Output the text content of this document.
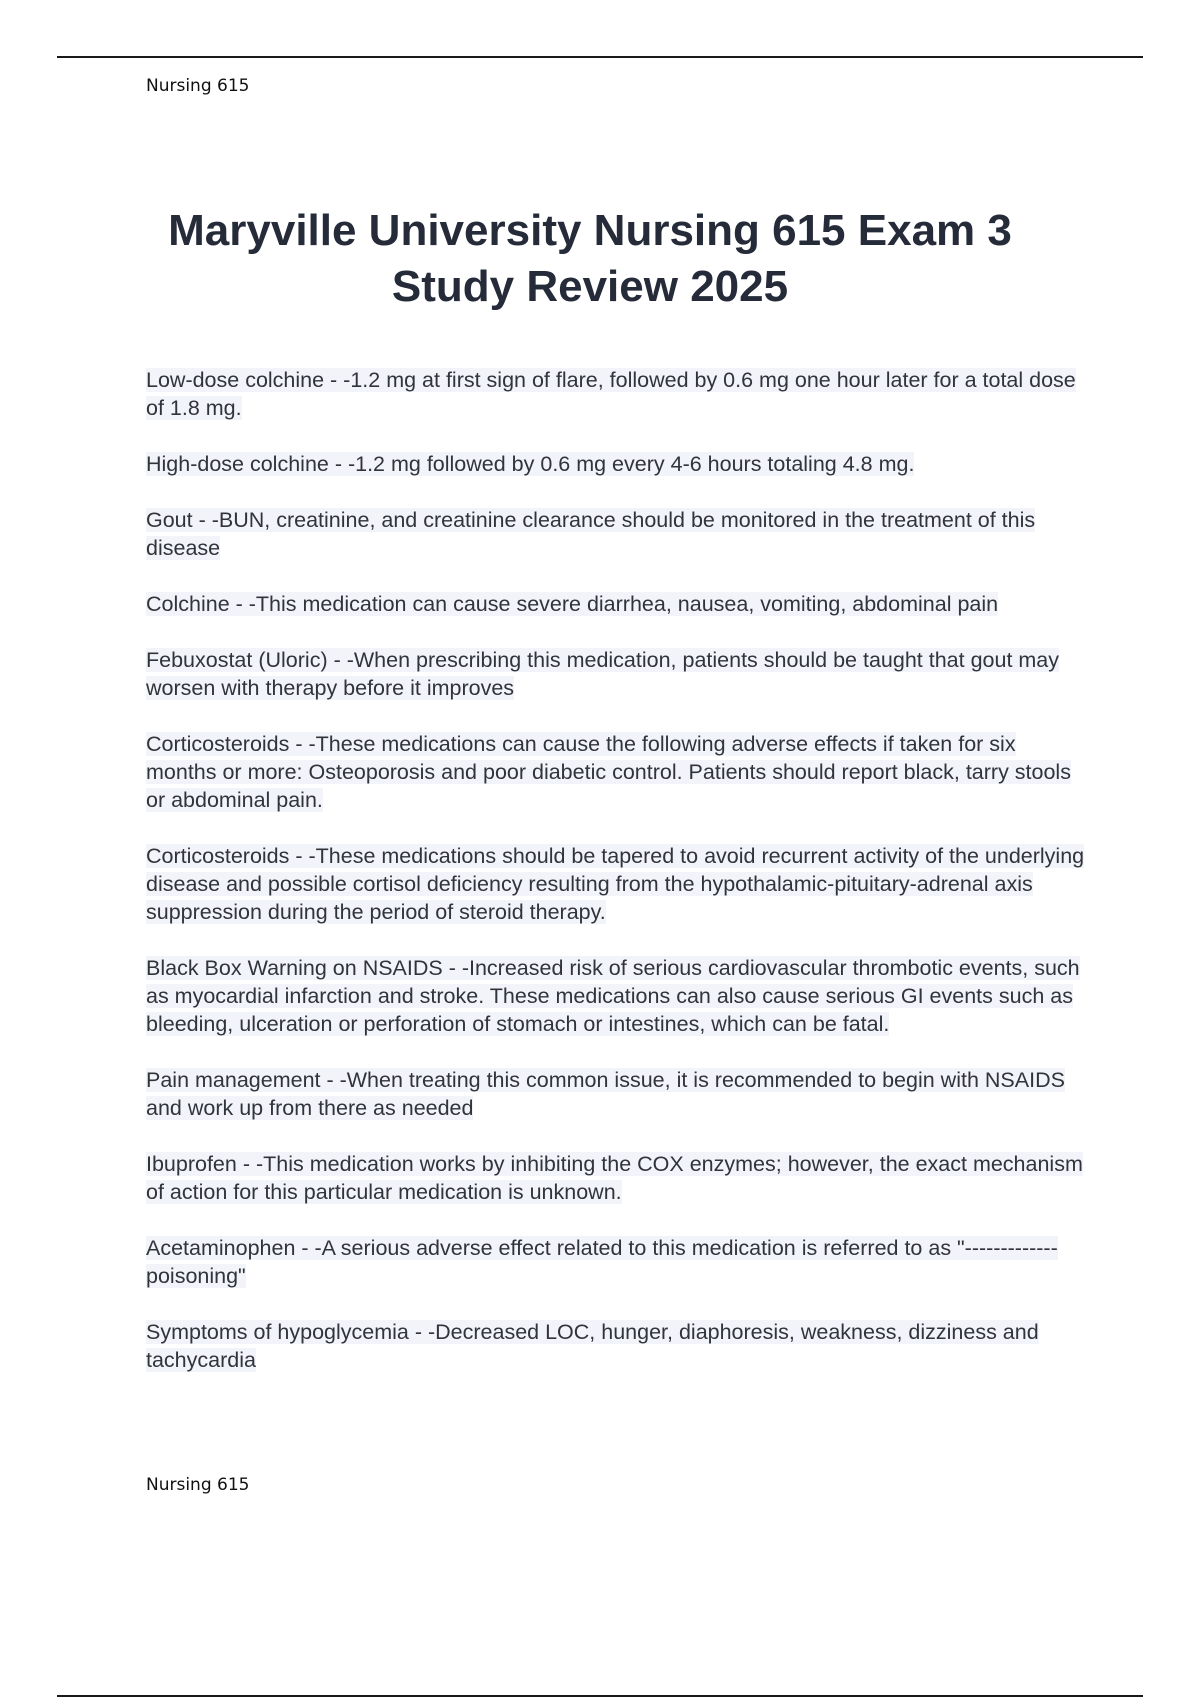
Nursing 615
Maryville University Nursing 615 Exam 3 Study Review 2025

Low-dose colchine - -1.2 mg at first sign of flare, followed by 0.6 mg one hour later for a total dose of 1.8 mg.

High-dose colchine - -1.2 mg followed by 0.6 mg every 4-6 hours totaling 4.8 mg.

Gout - -BUN, creatinine, and creatinine clearance should be monitored in the treatment of this disease

Colchine - -This medication can cause severe diarrhea, nausea, vomiting, abdominal pain

Febuxostat (Uloric) - -When prescribing this medication, patients should be taught that gout may worsen with therapy before it improves

Corticosteroids - -These medications can cause the following adverse effects if taken for six months or more: Osteoporosis and poor diabetic control. Patients should report black, tarry stools or abdominal pain.

Corticosteroids - -These medications should be tapered to avoid recurrent activity of the underlying disease and possible cortisol deficiency resulting from the hypothalamic-pituitary-adrenal axis suppression during the period of steroid therapy.

Black Box Warning on NSAIDS - -Increased risk of serious cardiovascular thrombotic events, such as myocardial infarction and stroke. These medications can also cause serious GI events such as bleeding, ulceration or perforation of stomach or intestines, which can be fatal.

Pain management - -When treating this common issue, it is recommended to begin with NSAIDS and work up from there as needed

Ibuprofen - -This medication works by inhibiting the COX enzymes; however, the exact mechanism of action for this particular medication is unknown.

Acetaminophen - -A serious adverse effect related to this medication is referred to as "------------- poisoning"

Symptoms of hypoglycemia - -Decreased LOC, hunger, diaphoresis, weakness, dizziness and tachycardia

Nursing 615
